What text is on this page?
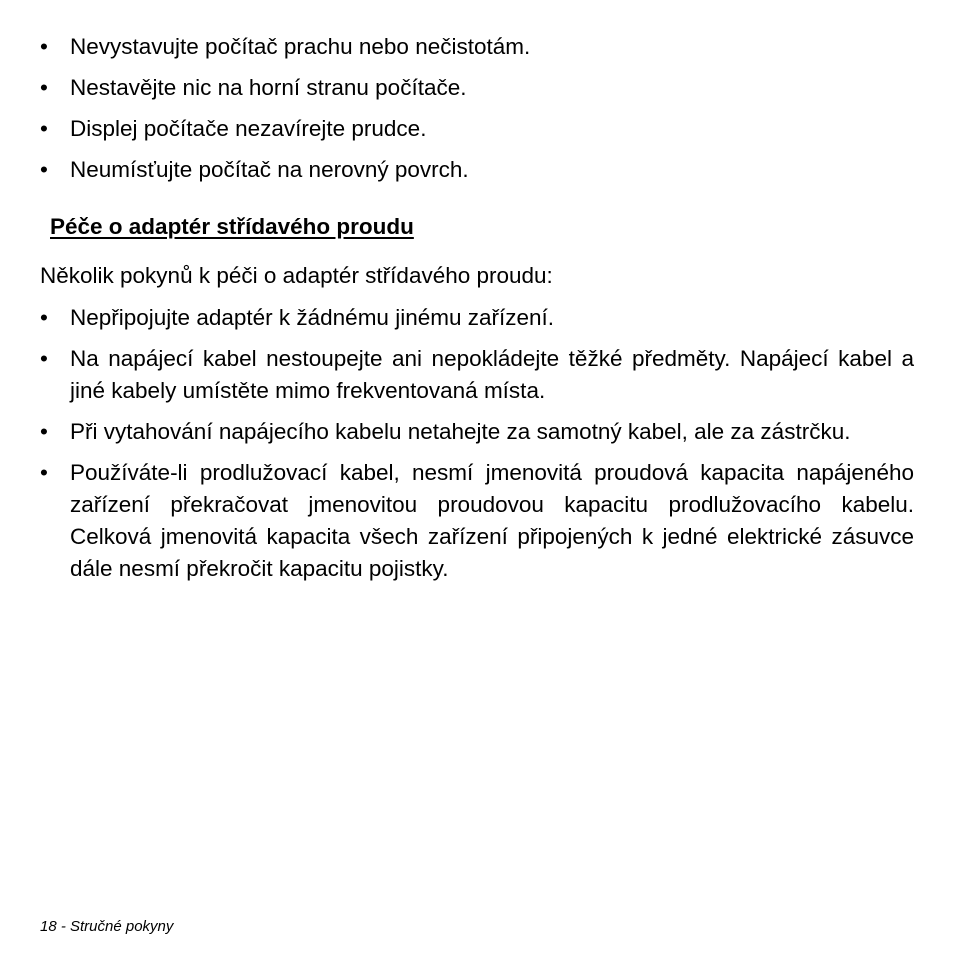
• Nevystavujte počítač prachu nebo nečistotám.
• Nestavějte nic na horní stranu počítače.
• Displej počítače nezavírejte prudce.
• Neumísťujte počítač na nerovný povrch.
Péče o adaptér střídavého proudu
Několik pokynů k péči o adaptér střídavého proudu:
• Nepřipojujte adaptér k žádnému jinému zařízení.
• Na napájecí kabel nestoupejte ani nepokládejte těžké předměty. Napájecí kabel a jiné kabely umístěte mimo frekventovaná místa.
• Při vytahování napájecího kabelu netahejte za samotný kabel, ale za zástrčku.
• Používáte-li prodlužovací kabel, nesmí jmenovitá proudová kapacita napájeného zařízení překračovat jmenovitou proudovou kapacitu prodlužovacího kabelu. Celková jmenovitá kapacita všech zařízení připojených k jedné elektrické zásuvce dále nesmí překročit kapacitu pojistky.
18 - Stručné pokyny
